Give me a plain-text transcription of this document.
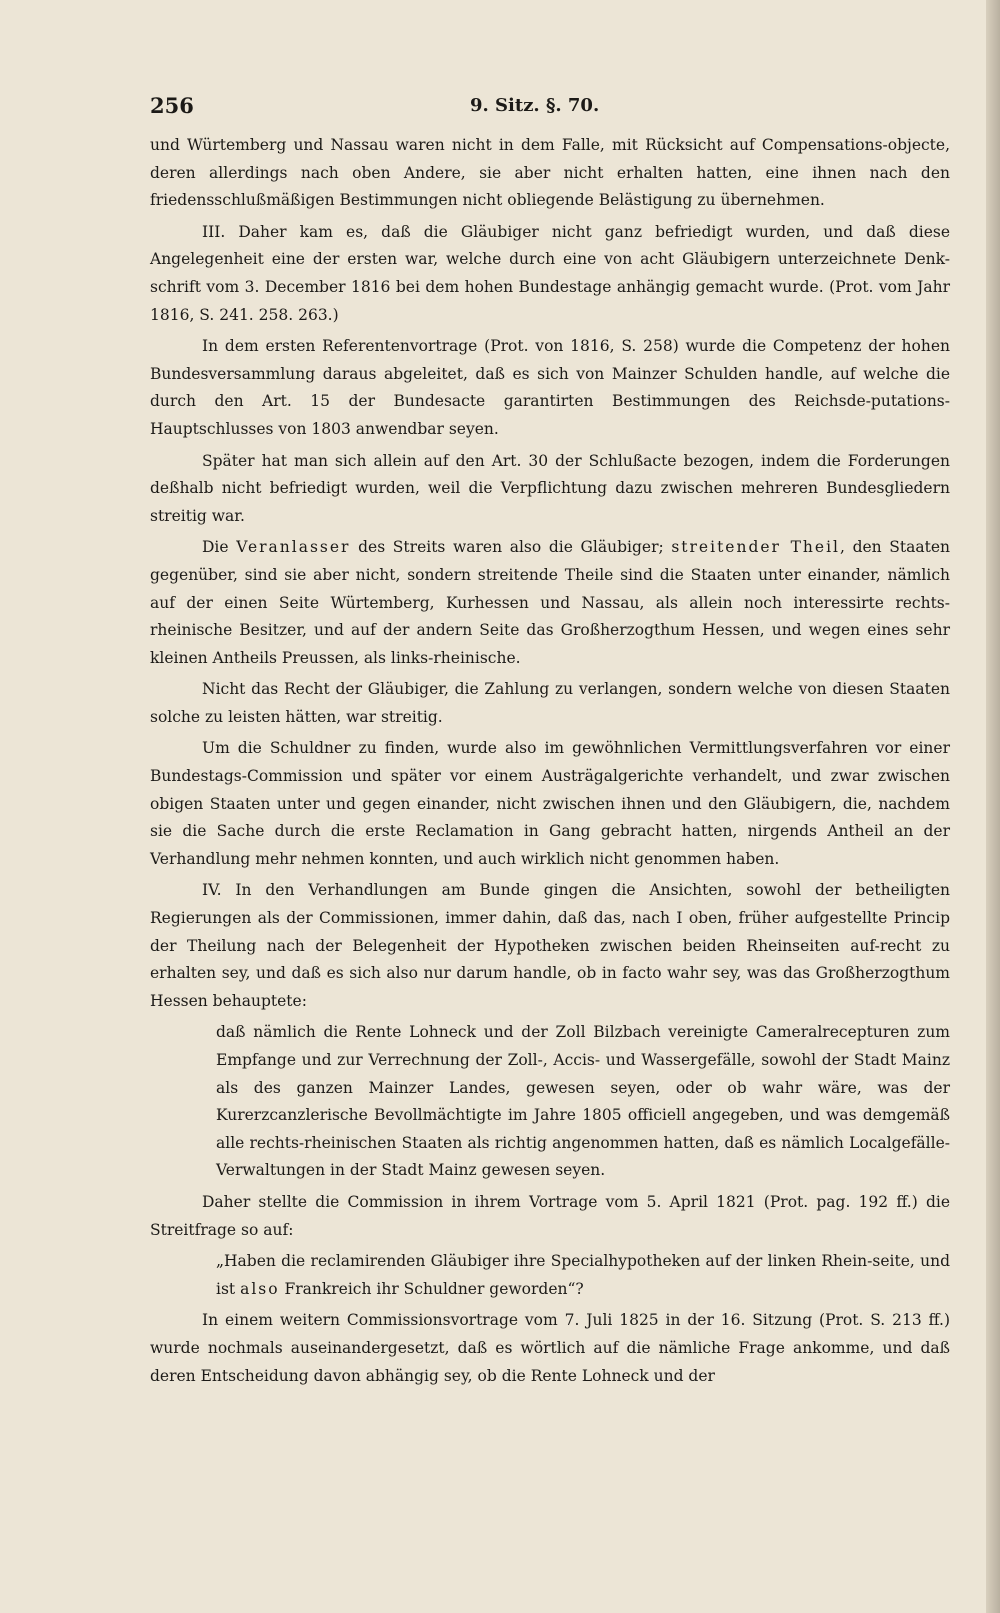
256	9. Sitz. §. 70.

und Würtemberg und Nassau waren nicht in dem Falle, mit Rücksicht auf Compensations-objecte, deren allerdings nach oben Andere, sie aber nicht erhalten hatten, eine ihnen nach den friedensschlußmäßigen Bestimmungen nicht obliegende Belästigung zu übernehmen.

III. Daher kam es, daß die Gläubiger nicht ganz befriedigt wurden, und daß diese Angelegenheit eine der ersten war, welche durch eine von acht Gläubigern unterzeichnete Denk-schrift vom 3. December 1816 bei dem hohen Bundestage anhängig gemacht wurde. (Prot. vom Jahr 1816, S. 241. 258. 263.)

In dem ersten Referentenvortrage (Prot. von 1816, S. 258) wurde die Competenz der hohen Bundesversammlung daraus abgeleitet, daß es sich von Mainzer Schulden handle, auf welche die durch den Art. 15 der Bundesacte garantirten Bestimmungen des Reichsde-putations-Hauptschlusses von 1803 anwendbar seyen.

Später hat man sich allein auf den Art. 30 der Schlußacte bezogen, indem die Forderungen deßhalb nicht befriedigt wurden, weil die Verpflichtung dazu zwischen mehreren Bundesgliedern streitig war.

Die Veranlasser des Streits waren also die Gläubiger; streitender Theil, den Staaten gegenüber, sind sie aber nicht, sondern streitende Theile sind die Staaten unter einander, nämlich auf der einen Seite Würtemberg, Kurhessen und Nassau, als allein noch interessirte rechts-rheinische Besitzer, und auf der andern Seite das Großherzogthum Hessen, und wegen eines sehr kleinen Antheils Preussen, als links-rheinische.

Nicht das Recht der Gläubiger, die Zahlung zu verlangen, sondern welche von diesen Staaten solche zu leisten hätten, war streitig.

Um die Schuldner zu finden, wurde also im gewöhnlichen Vermittlungsverfahren vor einer Bundestags-Commission und später vor einem Austrägalgerichte verhandelt, und zwar zwischen obigen Staaten unter und gegen einander, nicht zwischen ihnen und den Gläubigern, die, nachdem sie die Sache durch die erste Reclamation in Gang gebracht hatten, nirgends Antheil an der Verhandlung mehr nehmen konnten, und auch wirklich nicht genommen haben.

IV. In den Verhandlungen am Bunde gingen die Ansichten, sowohl der betheiligten Regierungen als der Commissionen, immer dahin, daß das, nach I oben, früher aufgestellte Princip der Theilung nach der Belegenheit der Hypotheken zwischen beiden Rheinseiten auf-recht zu erhalten sey, und daß es sich also nur darum handle, ob in facto wahr sey, was das Großherzogthum Hessen behauptete:

daß nämlich die Rente Lohneck und der Zoll Bilzbach vereinigte Cameralrecepturen zum Empfange und zur Verrechnung der Zoll-, Accis- und Wassergefälle, sowohl der Stadt Mainz als des ganzen Mainzer Landes, gewesen seyen, oder ob wahr wäre, was der Kurerzcanzlerische Bevollmächtigte im Jahre 1805 officiell angegeben, und was demgemäß alle rechts-rheinischen Staaten als richtig angenommen hatten, daß es nämlich Localgefälle-Verwaltungen in der Stadt Mainz gewesen seyen.

Daher stellte die Commission in ihrem Vortrage vom 5. April 1821 (Prot. pag. 192 ff.) die Streitfrage so auf:

„Haben die reclamirenden Gläubiger ihre Specialhypotheken auf der linken Rhein-seite, und ist also Frankreich ihr Schuldner geworden“?

In einem weitern Commissionsvortrage vom 7. Juli 1825 in der 16. Sitzung (Prot. S. 213 ff.) wurde nochmals auseinandergesetzt, daß es wörtlich auf die nämliche Frage ankomme, und daß deren Entscheidung davon abhängig sey, ob die Rente Lohneck und der
